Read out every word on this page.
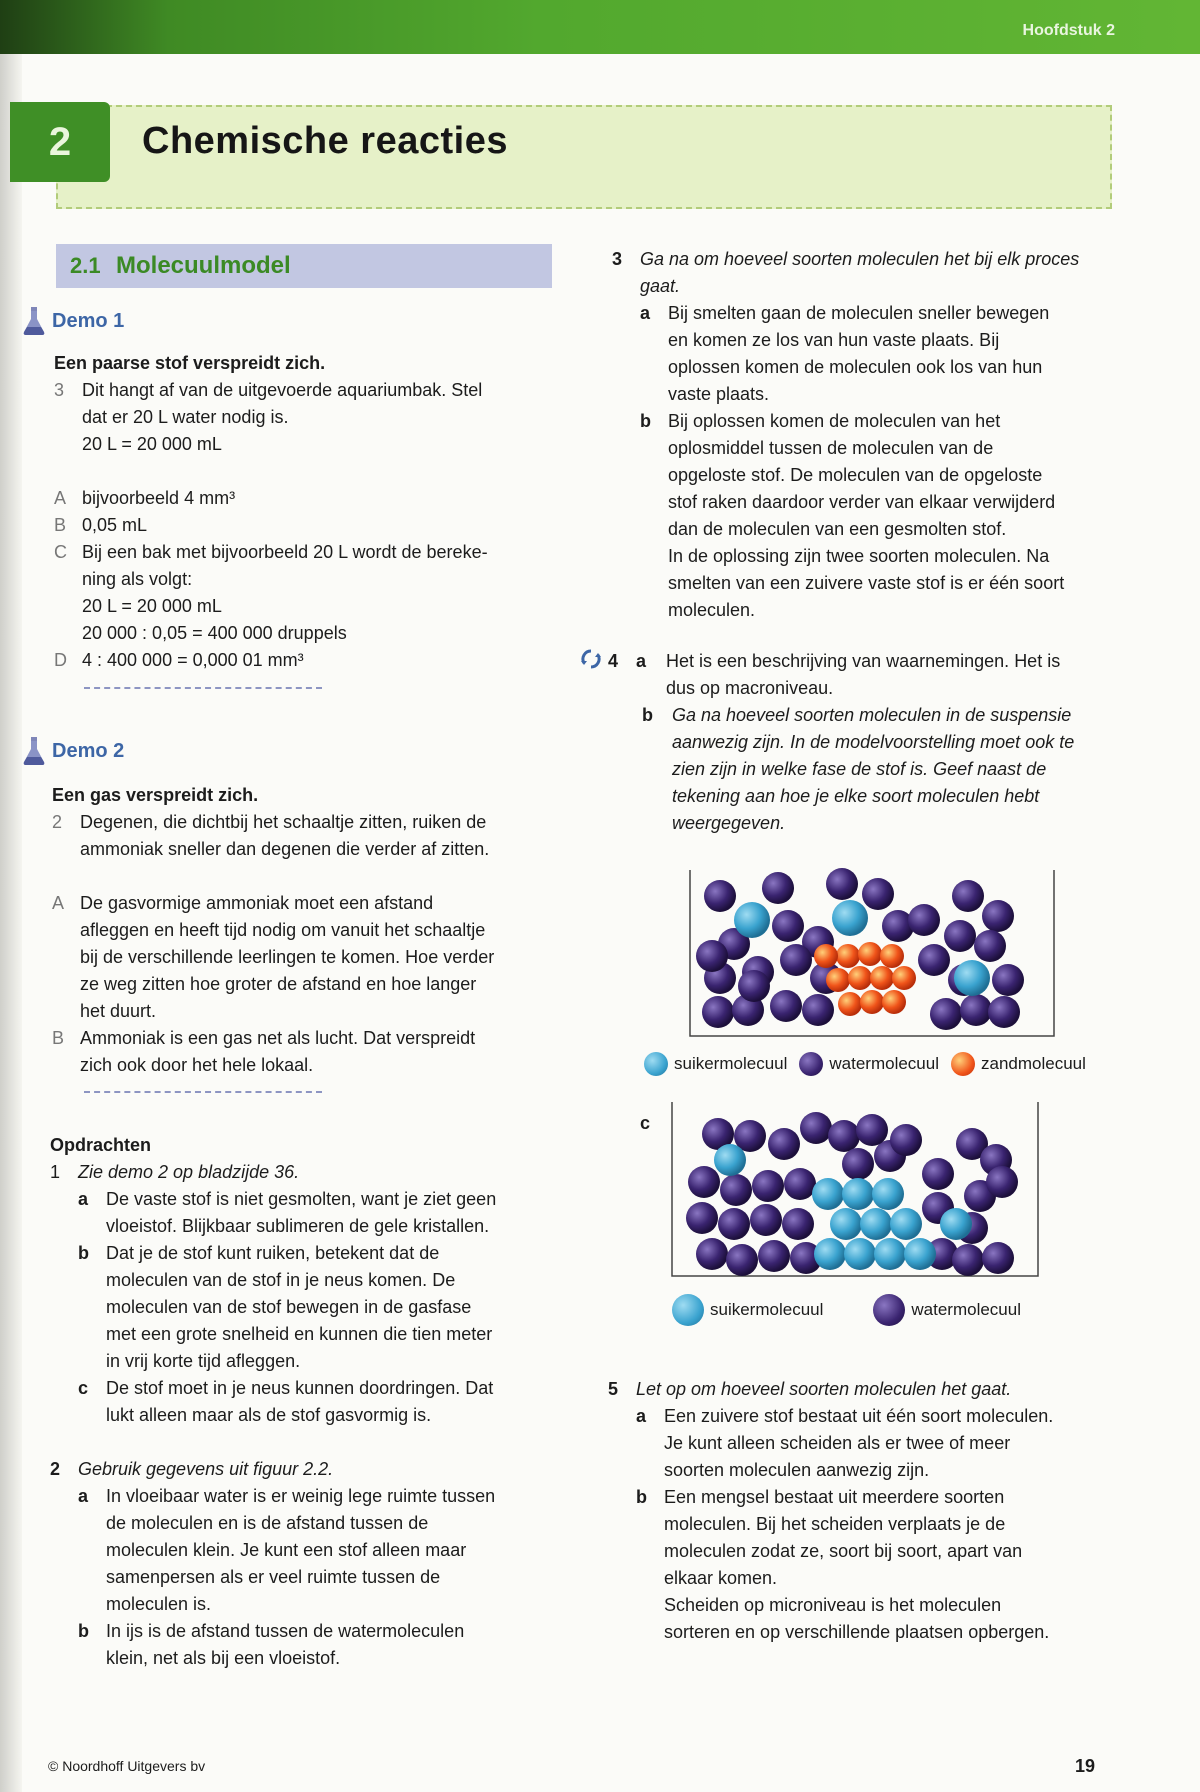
Hoofdstuk 2
2	Chemische reacties
2.1 Molecuulmodel
Demo 1
Een paarse stof verspreidt zich.
3 Dit hangt af van de uitgevoerde aquariumbak. Stel
dat er 20 L water nodig is.
20 L = 20 000 mL
A bijvoorbeeld 4 mm³
B 0,05 mL
C Bij een bak met bijvoorbeeld 20 L wordt de bereke-
ning als volgt:
20 L = 20 000 mL
20 000 : 0,05 = 400 000 druppels
D 4 : 400 000 = 0,000 01 mm³
Demo 2
Een gas verspreidt zich.
2 Degenen, die dichtbij het schaaltje zitten, ruiken de
ammoniak sneller dan degenen die verder af zitten.
A De gasvormige ammoniak moet een afstand
afleggen en heeft tijd nodig om vanuit het schaaltje
bij de verschillende leerlingen te komen. Hoe verder
ze weg zitten hoe groter de afstand en hoe langer
het duurt.
B Ammoniak is een gas net als lucht. Dat verspreidt
zich ook door het hele lokaal.
Opdrachten
1 Zie demo 2 op bladzijde 36.
a De vaste stof is niet gesmolten, want je ziet geen
vloeistof. Blijkbaar sublimeren de gele kristallen.
b Dat je de stof kunt ruiken, betekent dat de
moleculen van de stof in je neus komen. De
moleculen van de stof bewegen in de gasfase
met een grote snelheid en kunnen die tien meter
in vrij korte tijd afleggen.
c De stof moet in je neus kunnen doordringen. Dat
lukt alleen maar als de stof gasvormig is.
2 Gebruik gegevens uit figuur 2.2.
a In vloeibaar water is er weinig lege ruimte tussen
de moleculen en is de afstand tussen de
moleculen klein. Je kunt een stof alleen maar
samenpersen als er veel ruimte tussen de
moleculen is.
b In ijs is de afstand tussen de watermoleculen
klein, net als bij een vloeistof.
3 Ga na om hoeveel soorten moleculen het bij elk proces
gaat.
a Bij smelten gaan de moleculen sneller bewegen
en komen ze los van hun vaste plaats. Bij
oplossen komen de moleculen ook los van hun
vaste plaats.
b Bij oplossen komen de moleculen van het
oplosmiddel tussen de moleculen van de
opgeloste stof. De moleculen van de opgeloste
stof raken daardoor verder van elkaar verwijderd
dan de moleculen van een gesmolten stof.
In de oplossing zijn twee soorten moleculen. Na
smelten van een zuivere vaste stof is er één soort
moleculen.
4 a	Het is een beschrijving van waarnemingen. Het is
dus op macroniveau.
b	Ga na hoeveel soorten moleculen in de suspensie
aanwezig zijn. In de modelvoorstelling moet ook te
zien zijn in welke fase de stof is. Geef naast de
tekening aan hoe je elke soort moleculen hebt
weergegeven.
suikermolecuul watermolecuul zandmolecuul
c
suikermolecuul	watermolecuul
5 Let op om hoeveel soorten moleculen het gaat.
a Een zuivere stof bestaat uit één soort moleculen.
Je kunt alleen scheiden als er twee of meer
soorten moleculen aanwezig zijn.
b Een mengsel bestaat uit meerdere soorten
moleculen. Bij het scheiden verplaats je de
moleculen zodat ze, soort bij soort, apart van
elkaar komen.
Scheiden op microniveau is het moleculen
sorteren en op verschillende plaatsen opbergen.
© Noordhoff Uitgevers bv	19
